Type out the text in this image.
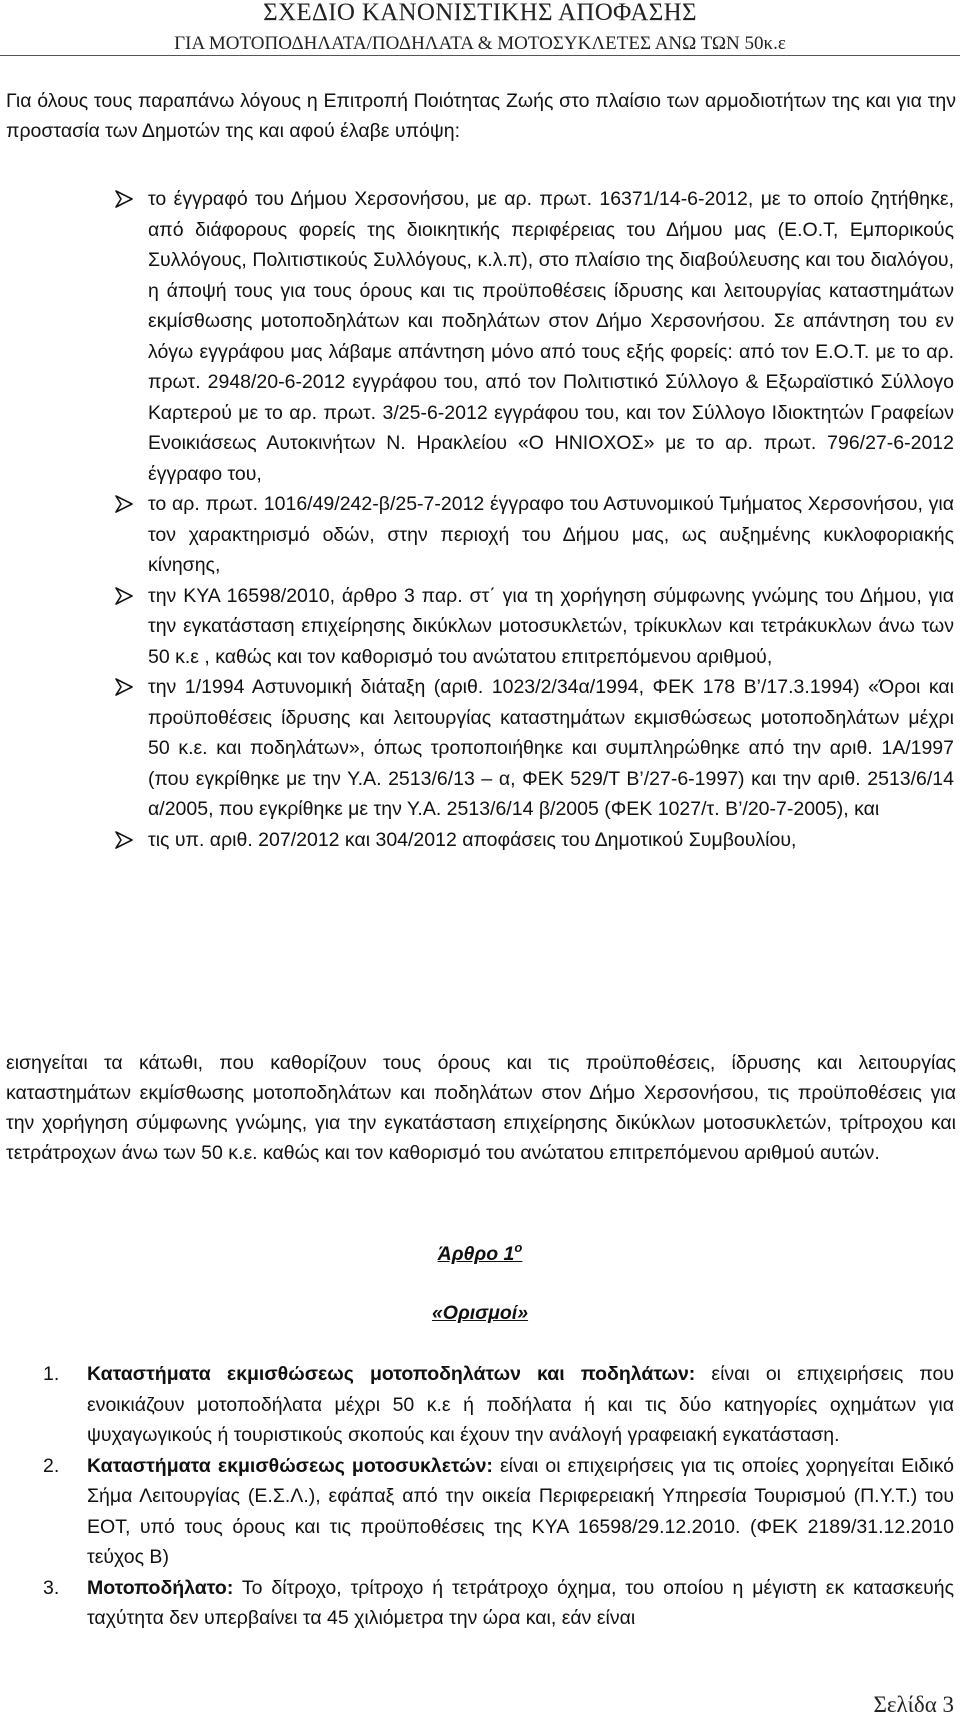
ΣΧΕΔΙΟ ΚΑΝΟΝΙΣΤΙΚΗΣ ΑΠΟΦΑΣΗΣ
ΓΙΑ ΜΟΤΟΠΟΔΗΛΑΤΑ/ΠΟΔΗΛΑΤΑ & ΜΟΤΟΣΥΚΛΕΤΕΣ ΑΝΩ ΤΩΝ 50κ.ε
Για όλους τους παραπάνω λόγους η Επιτροπή Ποιότητας Ζωής στο πλαίσιο των αρμοδιοτήτων της και για την προστασία των Δημοτών της και αφού έλαβε υπόψη:
το έγγραφό του Δήμου Χερσονήσου, με αρ. πρωτ. 16371/14-6-2012, με το οποίο ζητήθηκε, από διάφορους φορείς της διοικητικής περιφέρειας του Δήμου μας (Ε.Ο.Τ, Εμπορικούς Συλλόγους, Πολιτιστικούς Συλλόγους, κ.λ.π), στο πλαίσιο της διαβούλευσης και του διαλόγου, η άποψή τους για τους όρους και τις προϋποθέσεις ίδρυσης και λειτουργίας καταστημάτων εκμίσθωσης μοτοποδηλάτων και ποδηλάτων στον Δήμο Χερσονήσου. Σε απάντηση του εν λόγω εγγράφου μας λάβαμε απάντηση μόνο από τους εξής φορείς: από τον Ε.Ο.Τ. με το αρ. πρωτ. 2948/20-6-2012 εγγράφου του, από τον Πολιτιστικό Σύλλογο & Εξωραϊστικό Σύλλογο Καρτερού με το αρ. πρωτ. 3/25-6-2012 εγγράφου του, και τον Σύλλογο Ιδιοκτητών Γραφείων Ενοικιάσεως Αυτοκινήτων Ν. Ηρακλείου «Ο ΗΝΙΟΧΟΣ» με το αρ. πρωτ. 796/27-6-2012 έγγραφο του,
το αρ. πρωτ. 1016/49/242-β/25-7-2012 έγγραφο του Αστυνομικού Τμήματος Χερσονήσου, για τον χαρακτηρισμό οδών, στην περιοχή του Δήμου μας, ως αυξημένης κυκλοφοριακής κίνησης,
την ΚΥΑ 16598/2010, άρθρο 3 παρ. στ΄ για τη χορήγηση σύμφωνης γνώμης του Δήμου, για την εγκατάσταση επιχείρησης δικύκλων μοτοσυκλετών, τρίκυκλων και τετράκυκλων άνω των 50 κ.ε , καθώς και τον καθορισμό του ανώτατου επιτρεπόμενου αριθμού,
την 1/1994 Αστυνομική διάταξη (αριθ. 1023/2/34α/1994, ΦΕΚ 178 Β’/17.3.1994) «Όροι και προϋποθέσεις ίδρυσης και λειτουργίας καταστημάτων εκμισθώσεως μοτοποδηλάτων μέχρι 50 κ.ε. και ποδηλάτων», όπως τροποποιήθηκε και συμπληρώθηκε από την αριθ. 1Α/1997 (που εγκρίθηκε με την Υ.Α. 2513/6/13 – α, ΦΕΚ 529/Τ Β’/27-6-1997) και την αριθ. 2513/6/14 α/2005, που εγκρίθηκε με την Υ.Α. 2513/6/14 β/2005 (ΦΕΚ 1027/τ. Β’/20-7-2005), και
τις υπ. αριθ. 207/2012 και 304/2012 αποφάσεις του Δημοτικού Συμβουλίου,
εισηγείται τα κάτωθι, που καθορίζουν τους όρους και τις προϋποθέσεις, ίδρυσης και λειτουργίας καταστημάτων εκμίσθωσης μοτοποδηλάτων και ποδηλάτων στον Δήμο Χερσονήσου, τις προϋποθέσεις για την χορήγηση σύμφωνης γνώμης, για την εγκατάσταση επιχείρησης δικύκλων μοτοσυκλετών, τρίτροχου και τετράτροχων άνω των 50 κ.ε. καθώς και τον καθορισμό του ανώτατου επιτρεπόμενου αριθμού αυτών.
Άρθρο $1^o$
«Ορισμοί»
1. Καταστήματα εκμισθώσεως μοτοποδηλάτων και ποδηλάτων: είναι οι επιχειρήσεις που ενοικιάζουν μοτοποδήλατα μέχρι 50 κ.ε ή ποδήλατα ή και τις δύο κατηγορίες οχημάτων για ψυχαγωγικούς ή τουριστικούς σκοπούς και έχουν την ανάλογή γραφειακή εγκατάσταση.
2. Καταστήματα εκμισθώσεως μοτοσυκλετών: είναι οι επιχειρήσεις για τις οποίες χορηγείται Ειδικό Σήμα Λειτουργίας (Ε.Σ.Λ.), εφάπαξ από την οικεία Περιφερειακή Υπηρεσία Τουρισμού (Π.Υ.Τ.) του ΕΟΤ, υπό τους όρους και τις προϋποθέσεις της ΚΥΑ 16598/29.12.2010. (ΦΕΚ 2189/31.12.2010 τεύχος Β)
3. Μοτοποδήλατο: Το δίτροχο, τρίτροχο ή τετράτροχο όχημα, του οποίου η μέγιστη εκ κατασκευής ταχύτητα δεν υπερβαίνει τα 45 χιλιόμετρα την ώρα και, εάν είναι
Σελίδα 3
